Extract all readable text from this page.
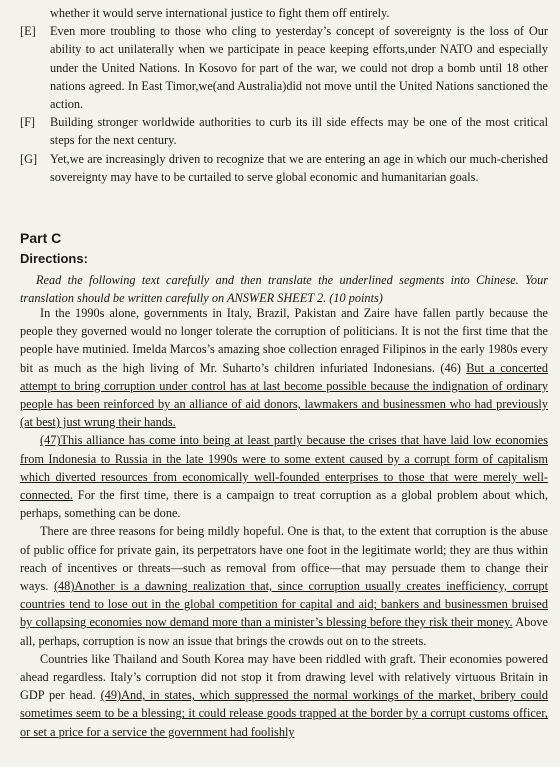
whether it would serve international justice to fight them off entirely.

[E] Even more troubling to those who cling to yesterday’s concept of sovereignty is the loss of Our ability to act unilaterally when we participate in peace keeping efforts,under NATO and especially under the United Nations. In Kosovo for part of the war, we could not drop a bomb until 18 other nations agreed. In East Timor,we(and Australia)did not move until the United Nations sanctioned the action.

[F] Building stronger worldwide authorities to curb its ill side effects may be one of the most critical steps for the next century.

[G] Yet,we are increasingly driven to recognize that we are entering an age in which our much-cherished sovereignty may have to be curtailed to serve global economic and humanitarian goals.

Part C
Directions:
Read the following text carefully and then translate the underlined segments into Chinese. Your translation should be written carefully on ANSWER SHEET 2. (10 points)

In the 1990s alone, governments in Italy, Brazil, Pakistan and Zaire have fallen partly because the people they governed would no longer tolerate the corruption of politicians. It is not the first time that the people have mutinied. Imelda Marcos’s amazing shoe collection enraged Filipinos in the early 1980s every bit as much as the high living of Mr. Suharto’s children infuriated Indonesians. (46) But a concerted attempt to bring corruption under control has at last become possible because the indignation of ordinary people has been reinforced by an alliance of aid donors, lawmakers and businessmen who had previously (at best) just wrung their hands.

(47)This alliance has come into being at least partly because the crises that have laid low economies from Indonesia to Russia in the late 1990s were to some extent caused by a corrupt form of capitalism which diverted resources from economically well-founded enterprises to those that were merely well-connected. For the first time, there is a campaign to treat corruption as a global problem about which, perhaps, something can be done.

There are three reasons for being mildly hopeful. One is that, to the extent that corruption is the abuse of public office for private gain, its perpetrators have one foot in the legitimate world; they are thus within reach of incentives or threats—such as removal from office—that may persuade them to change their ways. (48)Another is a dawning realization that, since corruption usually creates inefficiency, corrupt countries tend to lose out in the global competition for capital and aid; bankers and businessmen bruised by collapsing economies now demand more than a minister’s blessing before they risk their money. Above all, perhaps, corruption is now an issue that brings the crowds out on to the streets.

Countries like Thailand and South Korea may have been riddled with graft. Their economies powered ahead regardless. Italy’s corruption did not stop it from drawing level with relatively virtuous Britain in GDP per head. (49)And, in states, which suppressed the normal workings of the market, bribery could sometimes seem to be a blessing; it could release goods trapped at the border by a corrupt customs officer, or set a price for a service the government had foolishly
